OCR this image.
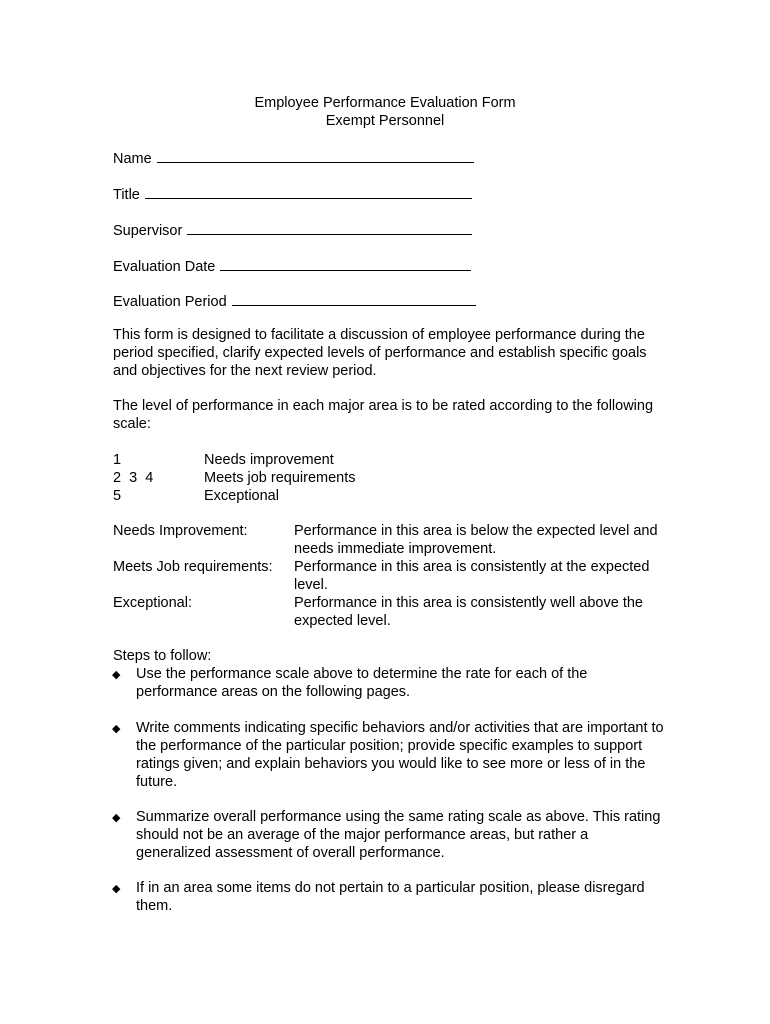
Employee Performance Evaluation Form
Exempt Personnel
Name
Title
Supervisor
Evaluation Date
Evaluation Period
This form is designed to facilitate a discussion of employee performance during the period specified, clarify expected levels of performance and establish specific goals and objectives for the next review period.
The level of performance in each major area is to be rated according to the following scale:
1	Needs improvement
2  3  4	Meets job requirements
5	Exceptional
Needs Improvement:	Performance in this area is below the expected level and needs immediate improvement.
Meets Job requirements: Performance in this area is consistently at the expected level.
Exceptional:	Performance in this area is consistently well above the expected level.
Steps to follow:
◆ Use the performance scale above to determine the rate for each of the performance areas on the following pages.
◆ Write comments indicating specific behaviors and/or activities that are important to the performance of the particular position; provide specific examples to support ratings given; and explain behaviors you would like to see more or less of in the future.
◆ Summarize overall performance using the same rating scale as above. This rating should not be an average of the major performance areas, but rather a generalized assessment of overall performance.
◆ If in an area some items do not pertain to a particular position, please disregard them.
